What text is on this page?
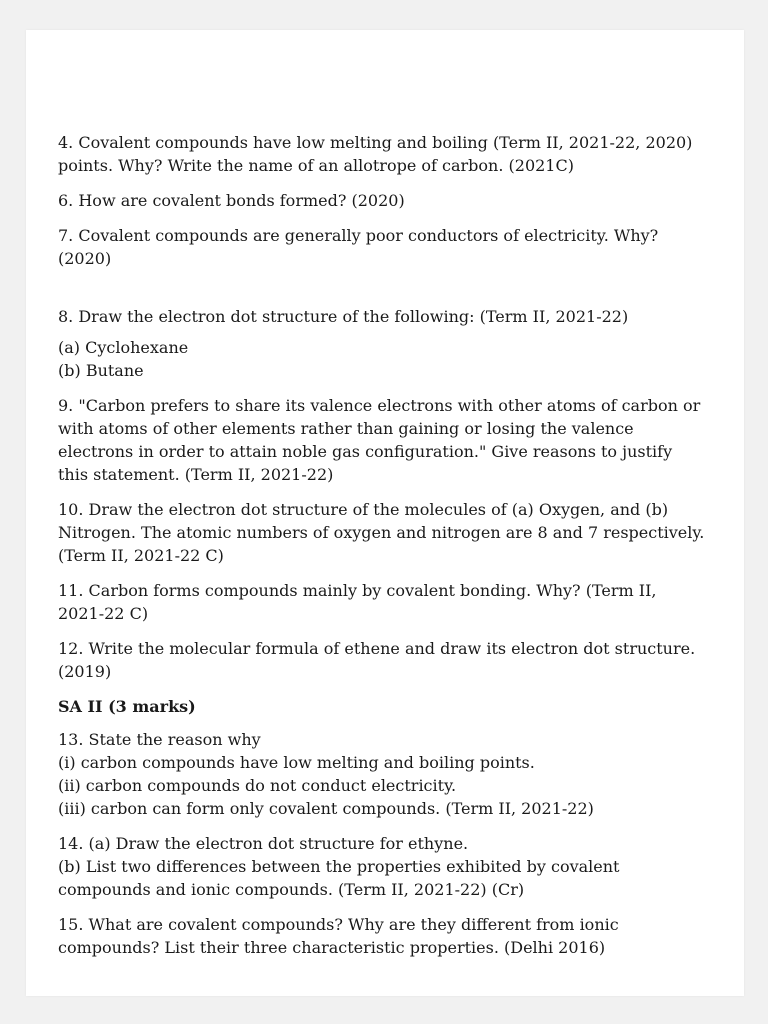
4. Covalent compounds have low melting and boiling (Term II, 2021-22, 2020)
points. Why? Write the name of an allotrope of carbon. (2021C)

6. How are covalent bonds formed? (2020)

7. Covalent compounds are generally poor conductors of electricity. Why?
(2020)

8. Draw the electron dot structure of the following: (Term II, 2021-22)

(a) Cyclohexane
(b) Butane

9. "Carbon prefers to share its valence electrons with other atoms of carbon or
with atoms of other elements rather than gaining or losing the valence
electrons in order to attain noble gas configuration." Give reasons to justify
this statement. (Term II, 2021-22)

10. Draw the electron dot structure of the molecules of (a) Oxygen, and (b)
Nitrogen. The atomic numbers of oxygen and nitrogen are 8 and 7 respectively.
(Term II, 2021-22 C)

11. Carbon forms compounds mainly by covalent bonding. Why? (Term II,
2021-22 C)

12. Write the molecular formula of ethene and draw its electron dot structure.
(2019)

SA II (3 marks)

13. State the reason why
(i) carbon compounds have low melting and boiling points.
(ii) carbon compounds do not conduct electricity.
(iii) carbon can form only covalent compounds. (Term II, 2021-22)

14. (a) Draw the electron dot structure for ethyne.
(b) List two differences between the properties exhibited by covalent
compounds and ionic compounds. (Term II, 2021-22) (Cr)

15. What are covalent compounds? Why are they different from ionic
compounds? List their three characteristic properties. (Delhi 2016)
